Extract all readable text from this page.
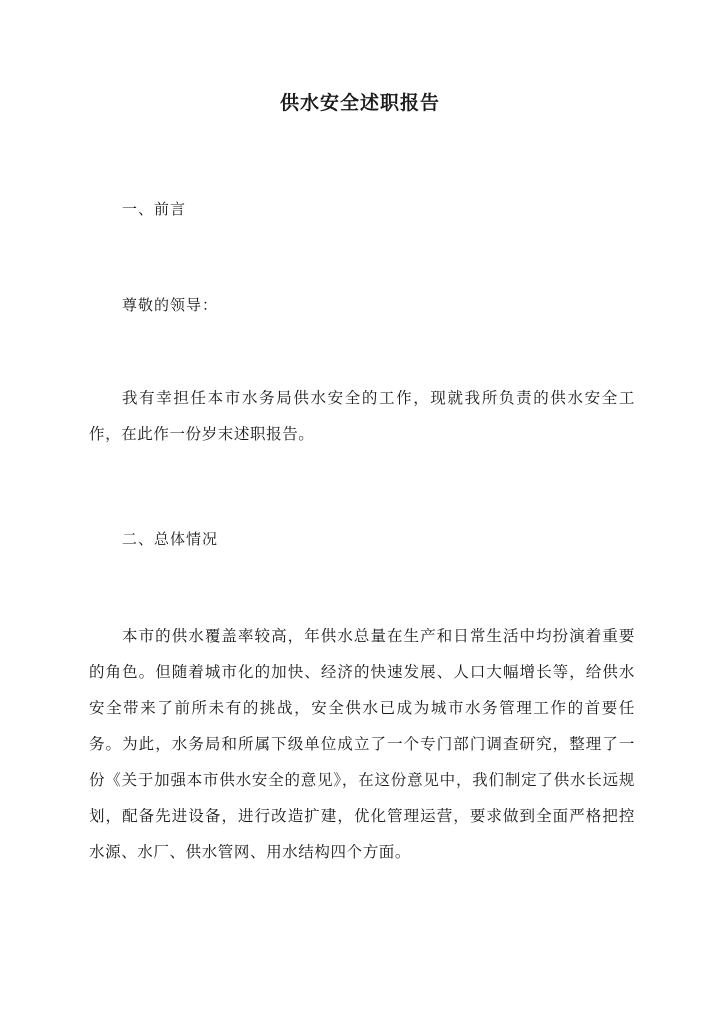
供水安全述职报告
一、前言
尊敬的领导：

我有幸担任本市水务局供水安全的工作，现就我所负责的供水安全工作，在此作一份岁末述职报告。

二、总体情况

本市的供水覆盖率较高，年供水总量在生产和日常生活中均扮演着重要的角色。但随着城市化的加快、经济的快速发展、人口大幅增长等，给供水安全带来了前所未有的挑战，安全供水已成为城市水务管理工作的首要任务。为此，水务局和所属下级单位成立了一个专门部门调查研究，整理了一份《关于加强本市供水安全的意见》，在这份意见中，我们制定了供水长远规划，配备先进设备，进行改造扩建，优化管理运营，要求做到全面严格把控水源、水厂、供水管网、用水结构四个方面。
